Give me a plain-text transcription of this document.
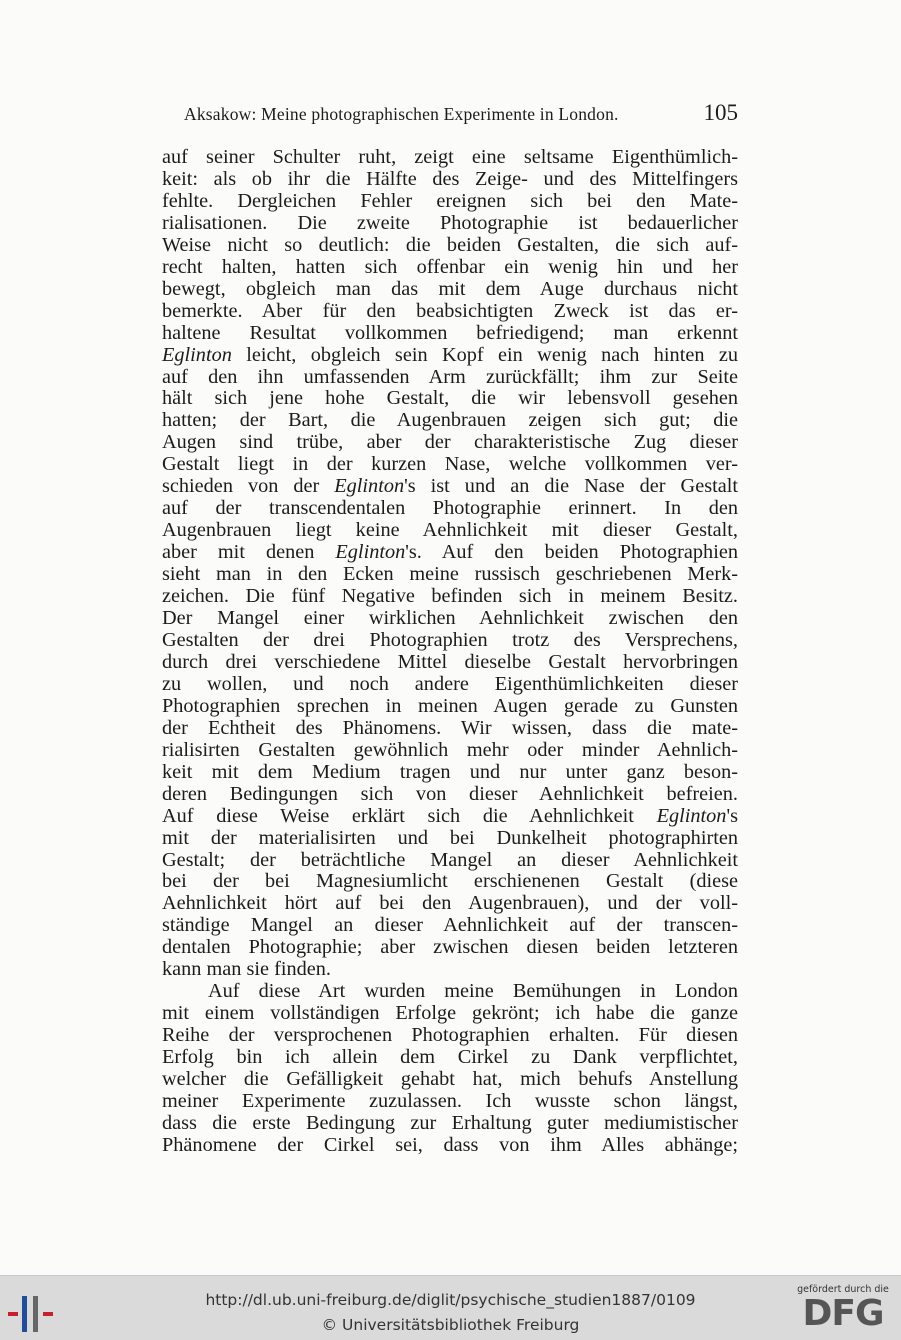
Aksakow: Meine photographischen Experimente in London.	105
auf seiner Schulter ruht, zeigt eine seltsame Eigenthümlich-
keit: als ob ihr die Hälfte des Zeige- und des Mittelfingers
fehlte. Dergleichen Fehler ereignen sich bei den Mate-
rialisationen. Die zweite Photographie ist bedauerlicher
Weise nicht so deutlich: die beiden Gestalten, die sich auf-
recht halten, hatten sich offenbar ein wenig hin und her
bewegt, obgleich man das mit dem Auge durchaus nicht
bemerkte. Aber für den beabsichtigten Zweck ist das er-
haltene Resultat vollkommen befriedigend; man erkennt
Eglinton leicht, obgleich sein Kopf ein wenig nach hinten zu
auf den ihn umfassenden Arm zurückfällt; ihm zur Seite
hält sich jene hohe Gestalt, die wir lebensvoll gesehen
hatten; der Bart, die Augenbrauen zeigen sich gut; die
Augen sind trübe, aber der charakteristische Zug dieser
Gestalt liegt in der kurzen Nase, welche vollkommen ver-
schieden von der Eglinton's ist und an die Nase der Gestalt
auf der transcendentalen Photographie erinnert. In den
Augenbrauen liegt keine Aehnlichkeit mit dieser Gestalt,
aber mit denen Eglinton's. Auf den beiden Photographien
sieht man in den Ecken meine russisch geschriebenen Merk-
zeichen. Die fünf Negative befinden sich in meinem Besitz.
Der Mangel einer wirklichen Aehnlichkeit zwischen den
Gestalten der drei Photographien trotz des Versprechens,
durch drei verschiedene Mittel dieselbe Gestalt hervorbringen
zu wollen, und noch andere Eigenthümlichkeiten dieser
Photographien sprechen in meinen Augen gerade zu Gunsten
der Echtheit des Phänomens. Wir wissen, dass die mate-
rialisirten Gestalten gewöhnlich mehr oder minder Aehnlich-
keit mit dem Medium tragen und nur unter ganz beson-
deren Bedingungen sich von dieser Aehnlichkeit befreien.
Auf diese Weise erklärt sich die Aehnlichkeit Eglinton's
mit der materialisirten und bei Dunkelheit photographirten
Gestalt; der beträchtliche Mangel an dieser Aehnlichkeit
bei der bei Magnesiumlicht erschienenen Gestalt (diese
Aehnlichkeit hört auf bei den Augenbrauen), und der voll-
ständige Mangel an dieser Aehnlichkeit auf der transcen-
dentalen Photographie; aber zwischen diesen beiden letzteren
kann man sie finden.
Auf diese Art wurden meine Bemühungen in London
mit einem vollständigen Erfolge gekrönt; ich habe die ganze
Reihe der versprochenen Photographien erhalten. Für diesen
Erfolg bin ich allein dem Cirkel zu Dank verpflichtet,
welcher die Gefälligkeit gehabt hat, mich behufs Anstellung
meiner Experimente zuzulassen. Ich wusste schon längst,
dass die erste Bedingung zur Erhaltung guter mediumistischer
Phänomene der Cirkel sei, dass von ihm Alles abhänge;
http://dl.ub.uni-freiburg.de/diglit/psychische_studien1887/0109
© Universitätsbibliothek Freiburg
gefördert durch die
DFG
